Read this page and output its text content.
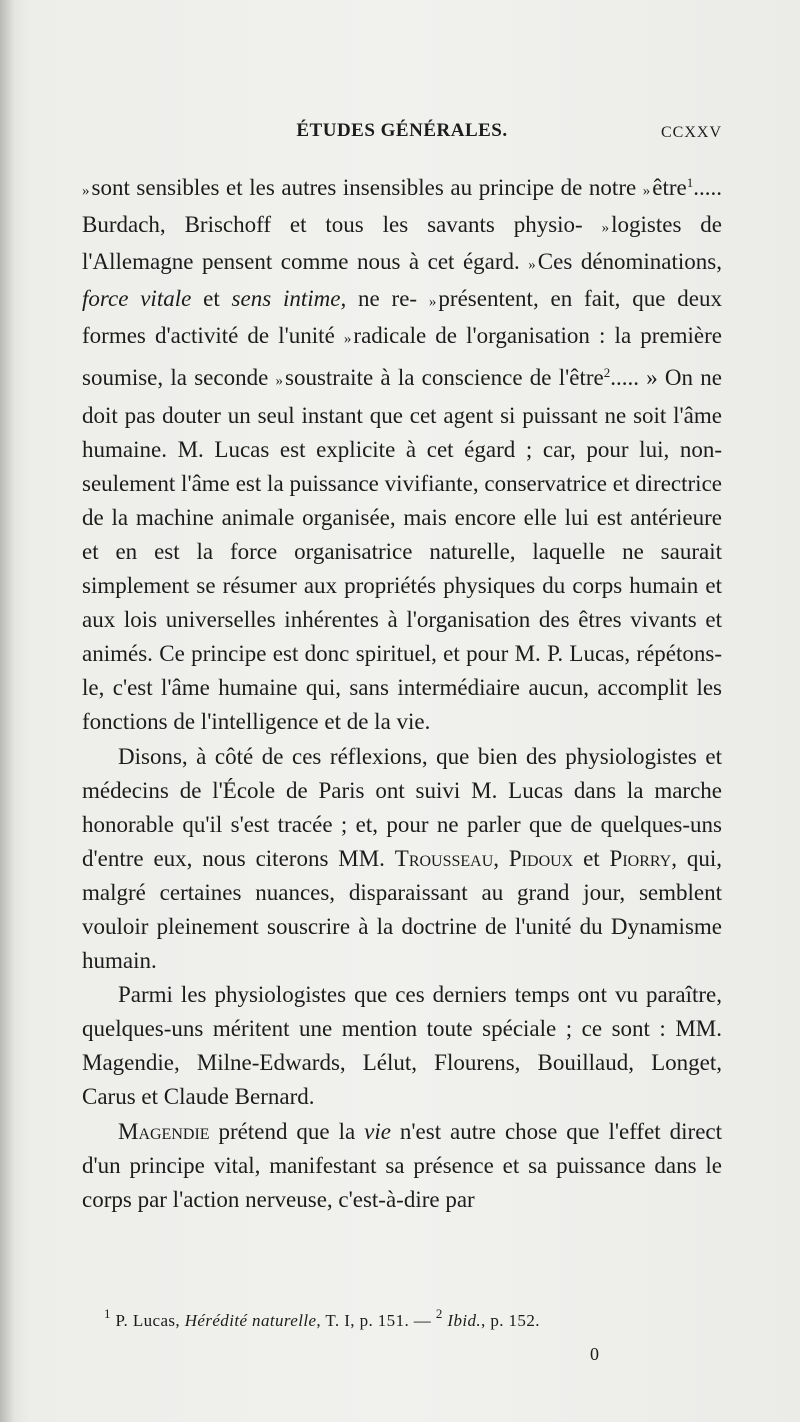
ÉTUDES GÉNÉRALES.	CCXXV

»sont sensibles et les autres insensibles au principe de notre »être$^1$..... Burdach, Brischoff et tous les savants physio- »logistes de l'Allemagne pensent comme nous à cet égard. »Ces dénominations, force vitale et sens intime, ne re- »présentent, en fait, que deux formes d'activité de l'unité »radicale de l'organisation : la première soumise, la seconde »soustraite à la conscience de l'être$^2$..... » On ne doit pas douter un seul instant que cet agent si puissant ne soit l'âme humaine. M. Lucas est explicite à cet égard ; car, pour lui, non-seulement l'âme est la puissance vivifiante, conservatrice et directrice de la machine animale organisée, mais encore elle lui est antérieure et en est la force organisatrice naturelle, laquelle ne saurait simplement se résumer aux propriétés physiques du corps humain et aux lois universelles inhérentes à l'organisation des êtres vivants et animés. Ce principe est donc spirituel, et pour M. P. Lucas, répétons-le, c'est l'âme humaine qui, sans intermédiaire aucun, accomplit les fonctions de l'intelligence et de la vie.

Disons, à côté de ces réflexions, que bien des physiologistes et médecins de l'École de Paris ont suivi M. Lucas dans la marche honorable qu'il s'est tracée ; et, pour ne parler que de quelques-uns d'entre eux, nous citerons MM. Trousseau, Pidoux et Piorry, qui, malgré certaines nuances, disparaissant au grand jour, semblent vouloir pleinement souscrire à la doctrine de l'unité du Dynamisme humain.

Parmi les physiologistes que ces derniers temps ont vu paraître, quelques-uns méritent une mention toute spéciale ; ce sont : MM. Magendie, Milne-Edwards, Lélut, Flourens, Bouillaud, Longet, Carus et Claude Bernard.

Magendie prétend que la vie n'est autre chose que l'effet direct d'un principe vital, manifestant sa présence et sa puissance dans le corps par l'action nerveuse, c'est-à-dire par

$^1$ P. Lucas, Hérédité naturelle, T. I, p. 151. — $^2$ Ibid., p. 152.
0
